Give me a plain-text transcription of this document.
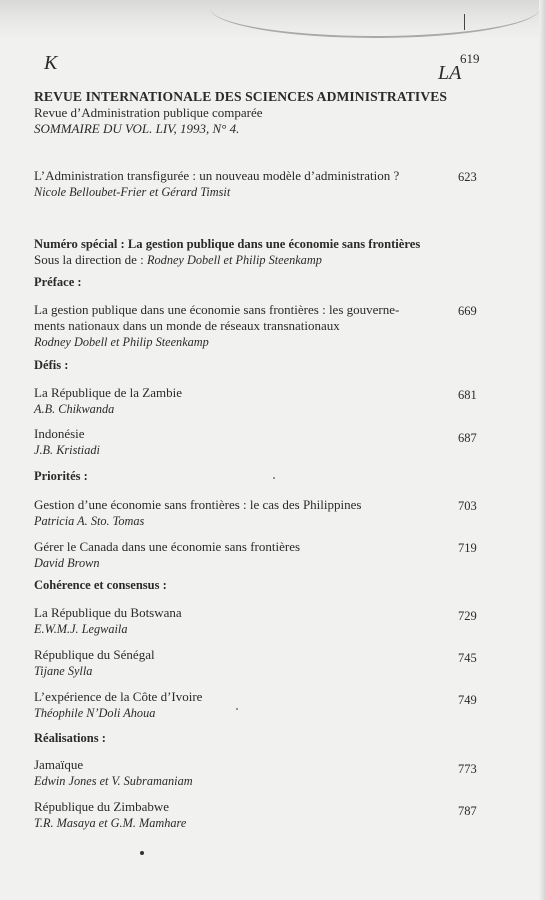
K	LA
619
REVUE INTERNATIONALE DES SCIENCES ADMINISTRATIVES
Revue d’Administration publique comparée
SOMMAIRE DU VOL. LIV, 1993, N° 4.
L’Administration transfigurée : un nouveau modèle d’administration ?
Nicole Belloubet-Frier et Gérard Timsit
623
Numéro spécial : La gestion publique dans une économie sans frontières
Sous la direction de : Rodney Dobell et Philip Steenkamp
Préface :
La gestion publique dans une économie sans frontières : les gouverne-
ments nationaux dans un monde de réseaux transnationaux
Rodney Dobell et Philip Steenkamp
669
Défis :
La République de la Zambie
A.B. Chikwanda
681
Indonésie
J.B. Kristiadi
687
Priorités :
Gestion d’une économie sans frontières : le cas des Philippines
Patricia A. Sto. Tomas
703
Gérer le Canada dans une économie sans frontières
David Brown
719
Cohérence et consensus :
La République du Botswana
E.W.M.J. Legwaila
729
République du Sénégal
Tijane Sylla
745
L’expérience de la Côte d’Ivoire
Théophile N’Doli Ahoua
749
Réalisations :
Jamaïque
Edwin Jones et V. Subramaniam
773
République du Zimbabwe
T.R. Masaya et G.M. Mamhare
787
